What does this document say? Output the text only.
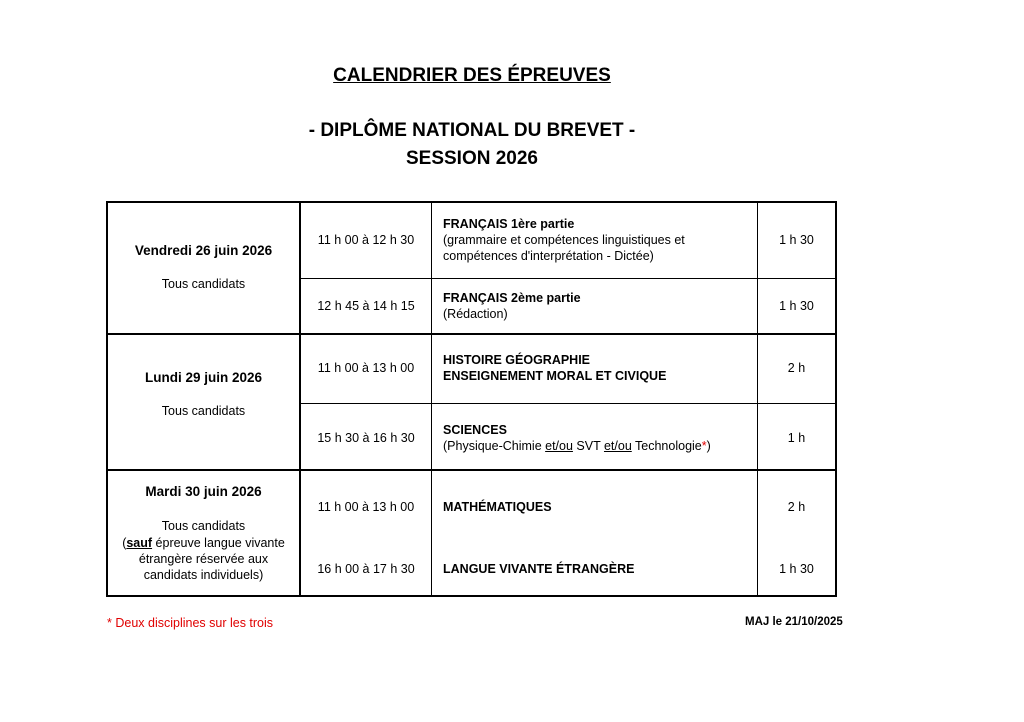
CALENDRIER DES ÉPREUVES
- DIPLÔME NATIONAL DU BREVET -
SESSION 2026
Vendredi 26 juin 2026
Tous candidats
11 h 00 à 12 h 30
FRANÇAIS 1ère partie
(grammaire et compétences linguistiques et compétences d'interprétation - Dictée)
1 h 30
12 h 45 à 14 h 15
FRANÇAIS 2ème partie
(Rédaction)
1 h 30
Lundi 29 juin 2026
Tous candidats
11 h 00 à 13 h 00
HISTOIRE GÉOGRAPHIE
ENSEIGNEMENT MORAL ET CIVIQUE
2 h
15 h 30 à 16 h 30
SCIENCES
(Physique-Chimie et/ou SVT et/ou Technologie*)
1 h
Mardi 30 juin 2026
Tous candidats
(sauf épreuve langue vivante étrangère réservée aux candidats individuels)
11 h 00 à 13 h 00	MATHÉMATIQUES	2 h
16 h 00 à 17 h 30	LANGUE VIVANTE ÉTRANGÈRE	1 h 30
* Deux disciplines sur les trois	MAJ le 21/10/2025
